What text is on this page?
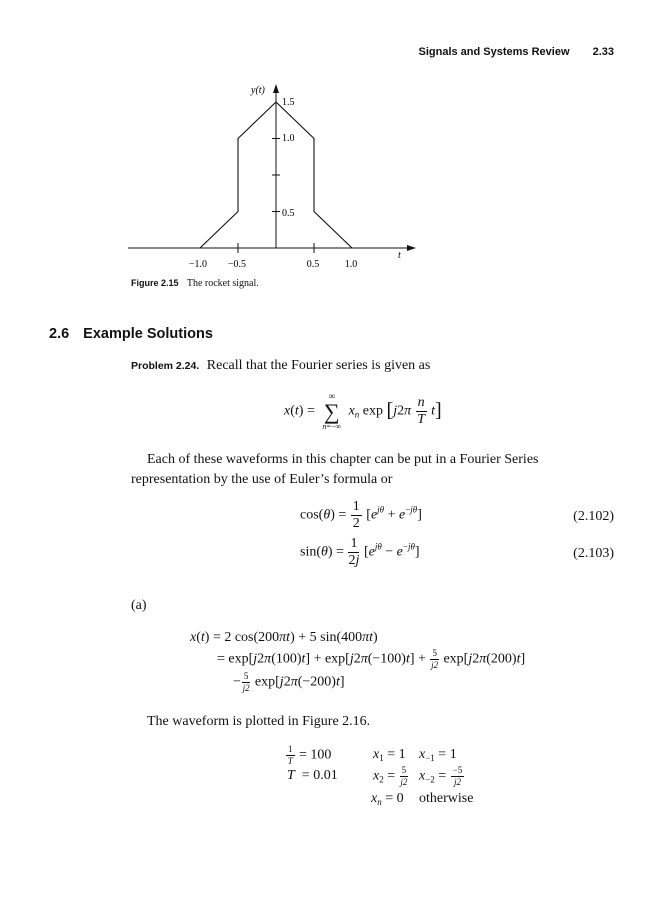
Signals and Systems Review 2.33
y(t)
t
−1.0 −0.5	0.5	1.0
0.5
1.0
1.5
Figure 2.15 The rocket signal.
2.6 Example Solutions
Problem 2.24. Recall that the Fourier series is given as
x(t) =
∞
∑
n=−∞
$x_n$ $\exp [j2\pi \frac{n}{T} t]$
Each of these waveforms in this chapter can be put in a Fourier Series representation by the use of Euler’s formula or
$\cos(\theta) = \frac{1}{2} [e^{j\theta} + e^{-j\theta}]$	(2.102)
$\sin(\theta) = \frac{1}{2j} [e^{j\theta} - e^{-j\theta}]$	(2.103)
(a)
x(t) = 2 cos(200πt) + 5 sin(400πt)
= $\exp[j2\pi(100)t] + \exp[j2\pi(-100)t] + \frac{5}{j2} \exp[j2\pi(200)t]$
− $\frac{5}{j2} \exp[j2\pi(-200)t]$
The waveform is plotted in Figure 2.16.
$\frac{1}{T} = 100$	$x_1 = 1$ $x_{-1} = 1$
T  = 0.01	$x_2 = \frac{5}{j2} x_{-2} = \frac{-5}{j2}$
$x_n = 0$ otherwise
